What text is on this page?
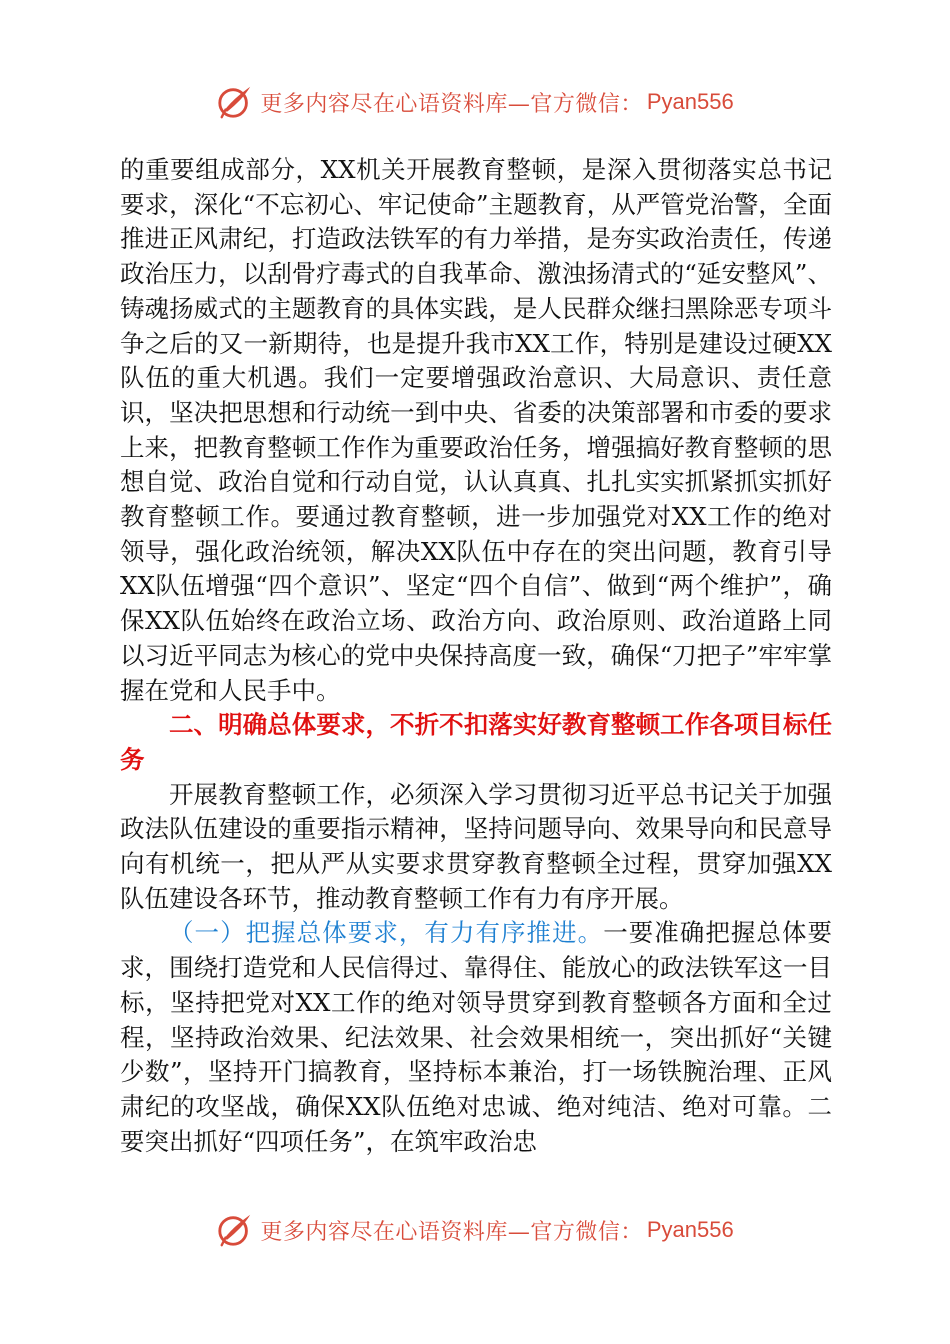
更多内容尽在心语资料库—官方微信： Pyan556

的重要组成部分，XX机关开展教育整顿，是深入贯彻落实总书记要求，深化“不忘初心、牢记使命”主题教育，从严管党治警，全面推进正风肃纪，打造政法铁军的有力举措，是夯实政治责任，传递政治压力，以刮骨疗毒式的自我革命、激浊扬清式的“延安整风”、铸魂扬威式的主题教育的具体实践，是人民群众继扫黑除恶专项斗争之后的又一新期待，也是提升我市XX工作，特别是建设过硬XX队伍的重大机遇。我们一定要增强政治意识、大局意识、责任意识，坚决把思想和行动统一到中央、省委的决策部署和市委的要求上来，把教育整顿工作作为重要政治任务，增强搞好教育整顿的思想自觉、政治自觉和行动自觉，认认真真、扎扎实实抓紧抓实抓好教育整顿工作。要通过教育整顿，进一步加强党对XX工作的绝对领导，强化政治统领，解决XX队伍中存在的突出问题，教育引导XX队伍增强“四个意识”、坚定“四个自信”、做到“两个维护”，确保XX队伍始终在政治立场、政治方向、政治原则、政治道路上同以习近平同志为核心的党中央保持高度一致，确保“刀把子”牢牢掌握在党和人民手中。

二、明确总体要求，不折不扣落实好教育整顿工作各项目标任务

开展教育整顿工作，必须深入学习贯彻习近平总书记关于加强政法队伍建设的重要指示精神，坚持问题导向、效果导向和民意导向有机统一，把从严从实要求贯穿教育整顿全过程，贯穿加强XX队伍建设各环节，推动教育整顿工作有力有序开展。

（一）把握总体要求，有力有序推进。一要准确把握总体要求，围绕打造党和人民信得过、靠得住、能放心的政法铁军这一目标，坚持把党对XX工作的绝对领导贯穿到教育整顿各方面和全过程，坚持政治效果、纪法效果、社会效果相统一，突出抓好“关键少数”，坚持开门搞教育，坚持标本兼治，打一场铁腕治理、正风肃纪的攻坚战，确保XX队伍绝对忠诚、绝对纯洁、绝对可靠。二要突出抓好“四项任务”，在筑牢政治忠

更多内容尽在心语资料库—官方微信： Pyan556
